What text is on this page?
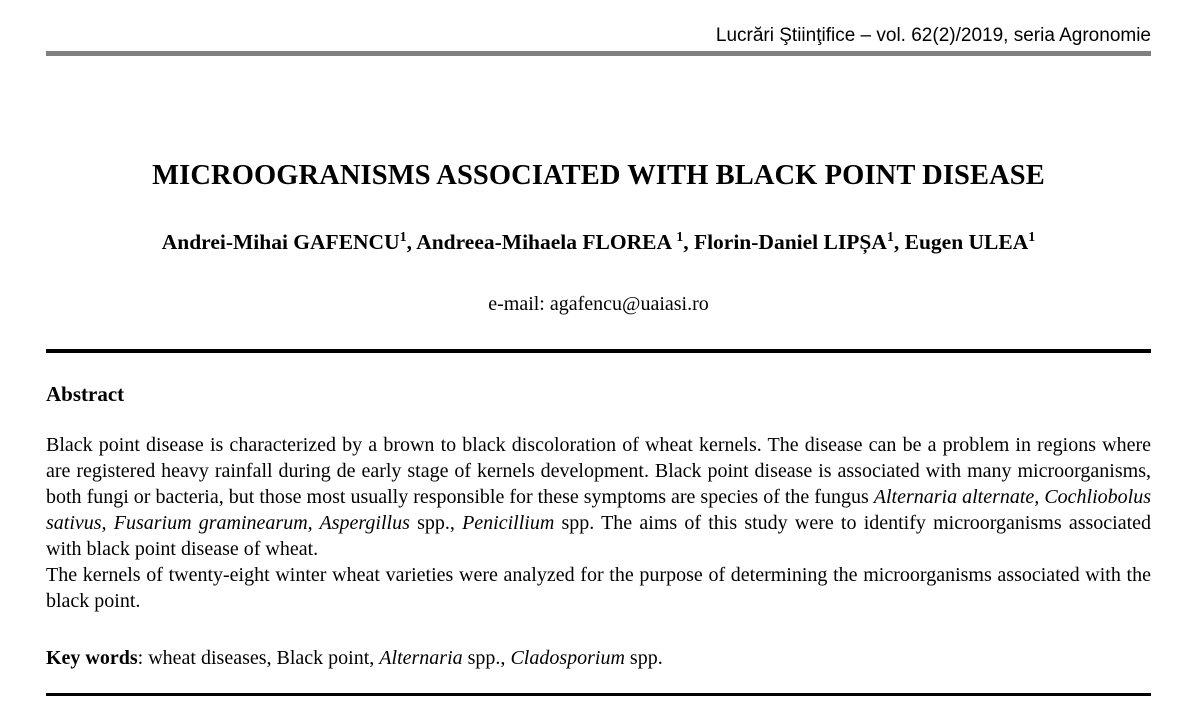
Lucrări Ştiinţifice – vol. 62(2)/2019, seria Agronomie
MICROOGRANISMS ASSOCIATED WITH BLACK POINT DISEASE
Andrei-Mihai GAFENCU$^1$, Andreea-Mihaela FLOREA $^1$, Florin-Daniel LIPȘA$^1$, Eugen ULEA$^1$
e-mail: agafencu@uaiasi.ro
Abstract

Black point disease is characterized by a brown to black discoloration of wheat kernels. The disease can be a problem in regions where are registered heavy rainfall during de early stage of kernels development. Black point disease is associated with many microorganisms, both fungi or bacteria, but those most usually responsible for these symptoms are species of the fungus Alternaria alternate, Cochliobolus sativus, Fusarium graminearum, Aspergillus spp., Penicillium spp. The aims of this study were to identify microorganisms associated with black point disease of wheat.

The kernels of twenty-eight winter wheat varieties were analyzed for the purpose of determining the microorganisms associated with the black point.

Key words: wheat diseases, Black point, Alternaria spp., Cladosporium spp.
